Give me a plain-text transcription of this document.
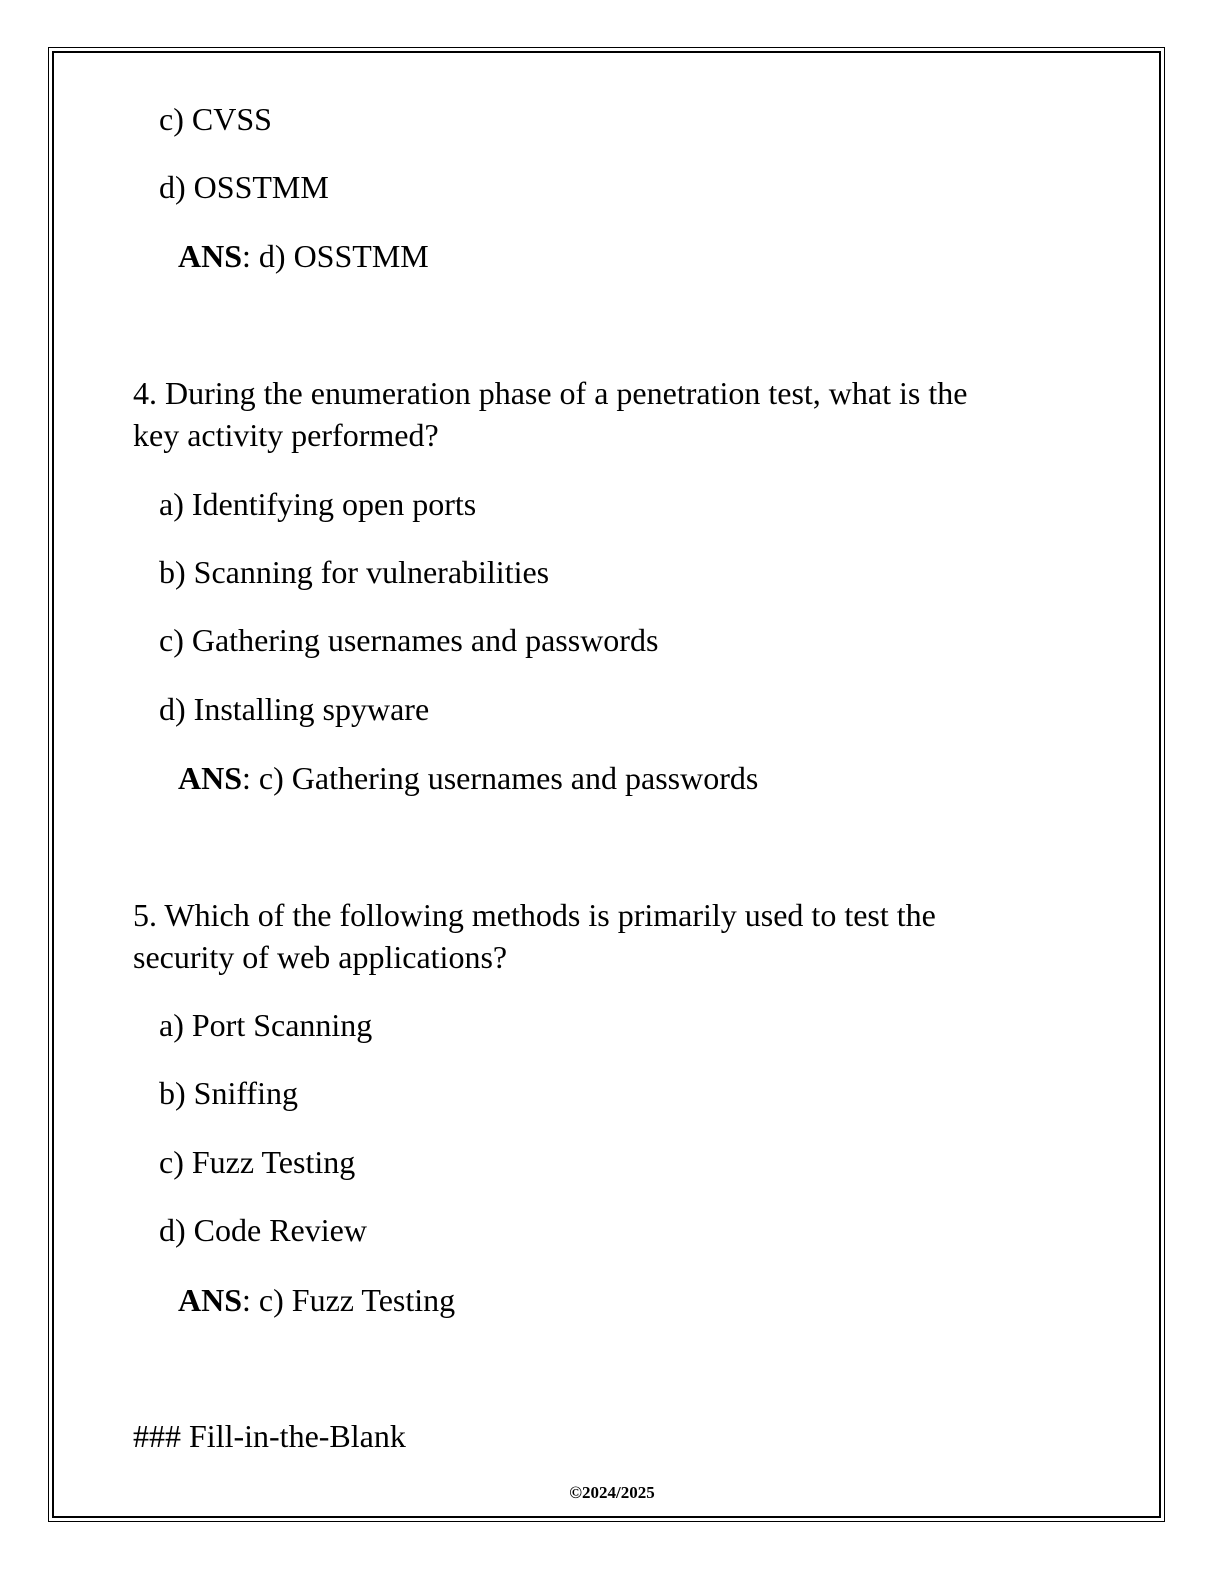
c) CVSS
d) OSSTMM
ANS: d) OSSTMM
4. During the enumeration phase of a penetration test, what is the
key activity performed?
a) Identifying open ports
b) Scanning for vulnerabilities
c) Gathering usernames and passwords
d) Installing spyware
ANS: c) Gathering usernames and passwords
5. Which of the following methods is primarily used to test the
security of web applications?
a) Port Scanning
b) Sniffing
c) Fuzz Testing
d) Code Review
ANS: c) Fuzz Testing
### Fill-in-the-Blank
©2024/2025
